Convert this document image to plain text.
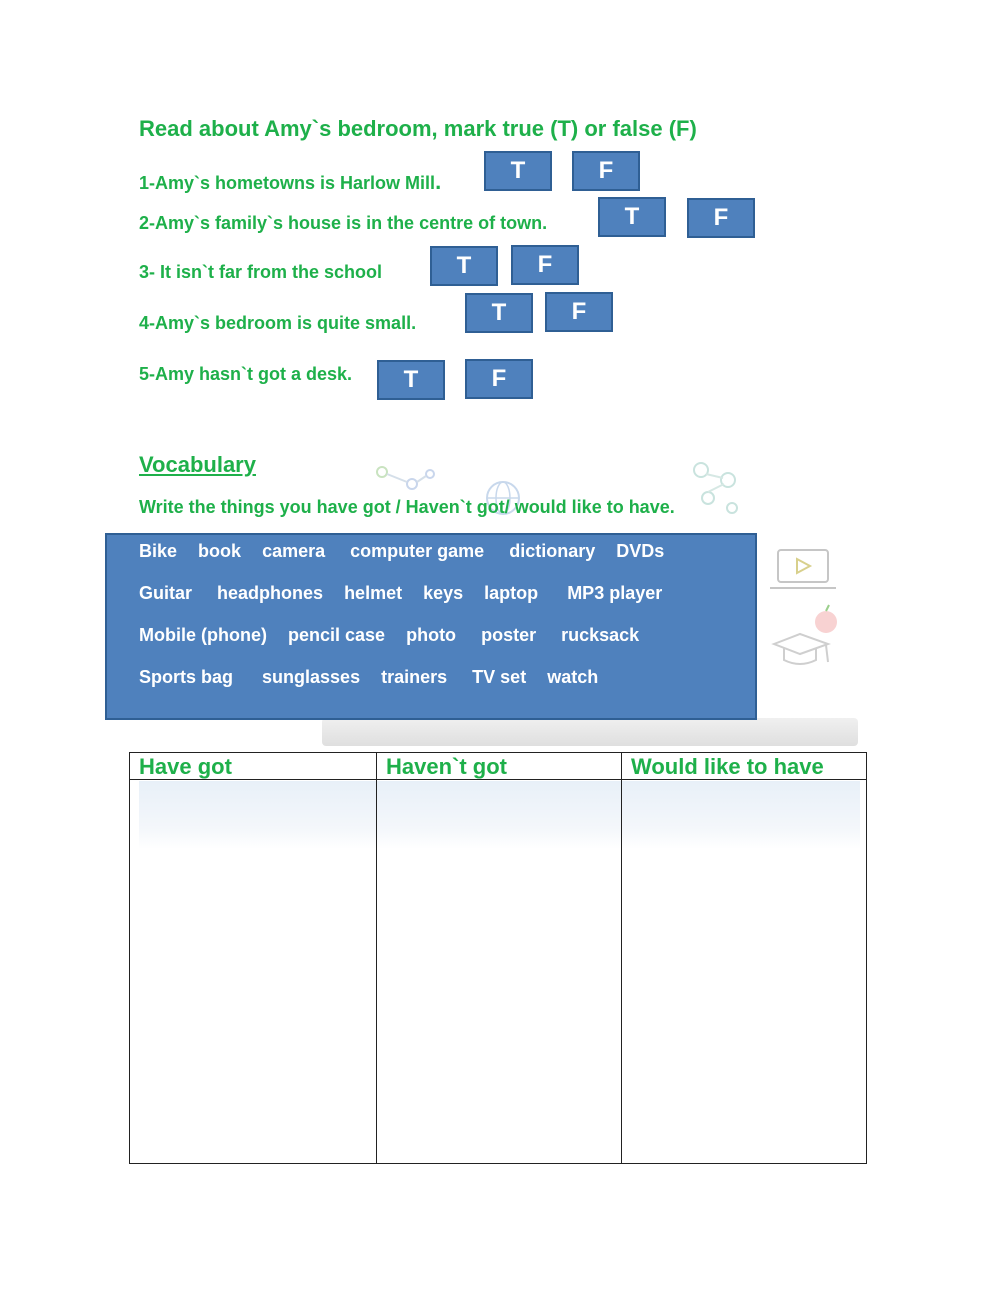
Read about Amy`s bedroom, mark true (T) or false (F)
1-Amy`s hometowns is Harlow Mill.	T	F
2-Amy`s family`s house is in the centre of town.	T	F
3- It isn`t far from the school	T	F
4-Amy`s bedroom is quite small.	T	F
5-Amy hasn`t got a desk.	T	F
Vocabulary
Write the things you have got / Haven`t got/ would like to have.
Bike book camera computer game dictionary DVDs
Guitar headphones helmet keys laptop MP3 player
Mobile (phone) pencil case photo poster rucksack
Sports bag sunglasses trainers TV set watch
Have got	Haven`t got	Would like to have
